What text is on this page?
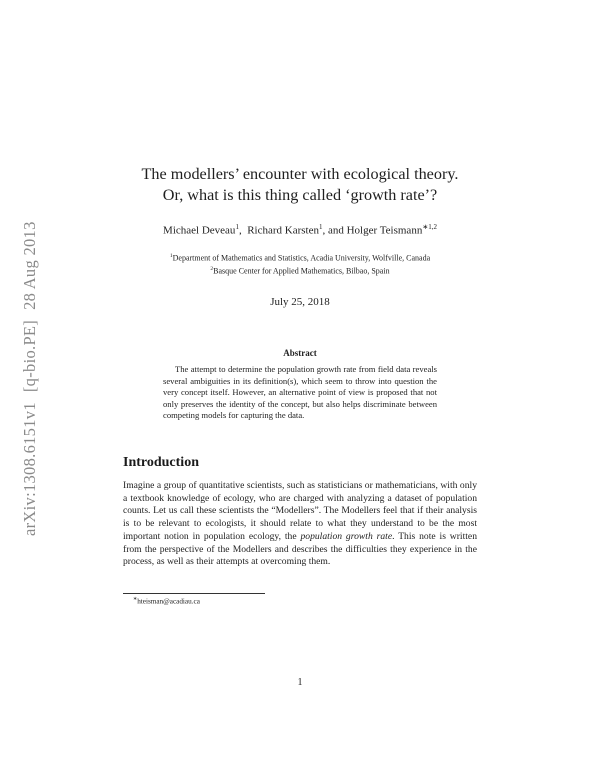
arXiv:1308.6151v1[q-bio.PE]28 Aug 2013
The modellers’ encounter with ecological theory.
Or, what is this thing called ‘growth rate’?
Michael Deveau$^1$,  Richard Karsten$^1$, and Holger Teismann$^{∗1,2}$
$^1$Department of Mathematics and Statistics, Acadia University, Wolfville, Canada
$^2$Basque Center for Applied Mathematics, Bilbao, Spain
July 25, 2018
Abstract
The attempt to determine the population growth rate from field data reveals several ambiguities in its definition(s), which seem to throw into question the very concept itself. However, an alternative point of view is proposed that not only preserves the identity of the concept, but also helps discriminate between competing models for capturing the data.
Introduction
Imagine a group of quantitative scientists, such as statisticians or mathematicians, with only a textbook knowledge of ecology, who are charged with analyzing a dataset of population counts. Let us call these scientists the “Modellers”. The Modellers feel that if their analysis is to be relevant to ecologists, it should relate to what they understand to be the most important notion in population ecology, the population growth rate. This note is written from the perspective of the Modellers and describes the difficulties they experience in the process, as well as their attempts at overcoming them.
∗hteisman@acadiau.ca
1
